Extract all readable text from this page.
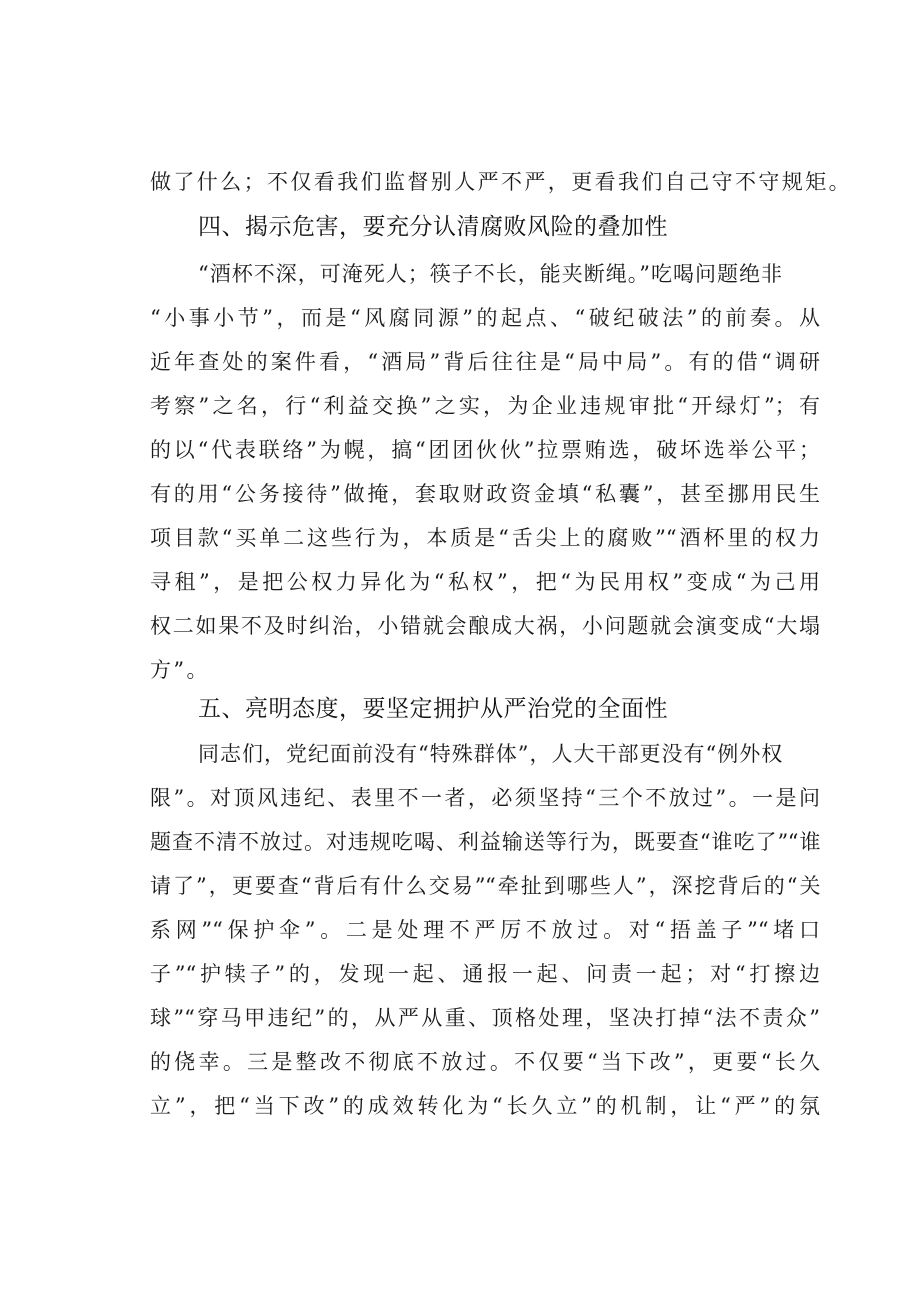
做了什么；不仅看我们监督别人严不严，更看我们自己守不守规矩。
四、揭示危害，要充分认清腐败风险的叠加性
“酒杯不深，可淹死人；筷子不长，能夹断绳。”吃喝问题绝非
“小事小节”，而是“风腐同源”的起点、“破纪破法”的前奏。从
近年查处的案件看，“酒局”背后往往是“局中局”。有的借“调研
考察”之名，行“利益交换”之实，为企业违规审批“开绿灯”；有
的以“代表联络”为幌，搞“团团伙伙”拉票贿选，破坏选举公平；
有的用“公务接待”做掩，套取财政资金填“私囊”，甚至挪用民生
项目款“买单二这些行为，本质是“舌尖上的腐败”“酒杯里的权力
寻租”，是把公权力异化为“私权”，把“为民用权”变成“为己用
权二如果不及时纠治，小错就会酿成大祸，小问题就会演变成“大塌
方”。
五、亮明态度，要坚定拥护从严治党的全面性
同志们，党纪面前没有“特殊群体”，人大干部更没有“例外权
限”。对顶风违纪、表里不一者，必须坚持“三个不放过”。一是问
题查不清不放过。对违规吃喝、利益输送等行为，既要查“谁吃了”“谁
请了”，更要查“背后有什么交易”“牵扯到哪些人”，深挖背后的“关
系网”“保护伞”。二是处理不严厉不放过。对“捂盖子”“堵口
子”“护犊子”的，发现一起、通报一起、问责一起；对“打擦边
球”“穿马甲违纪”的，从严从重、顶格处理，坚决打掉“法不责众”
的侥幸。三是整改不彻底不放过。不仅要“当下改”，更要“长久
立”，把“当下改”的成效转化为“长久立”的机制，让“严”的氛
